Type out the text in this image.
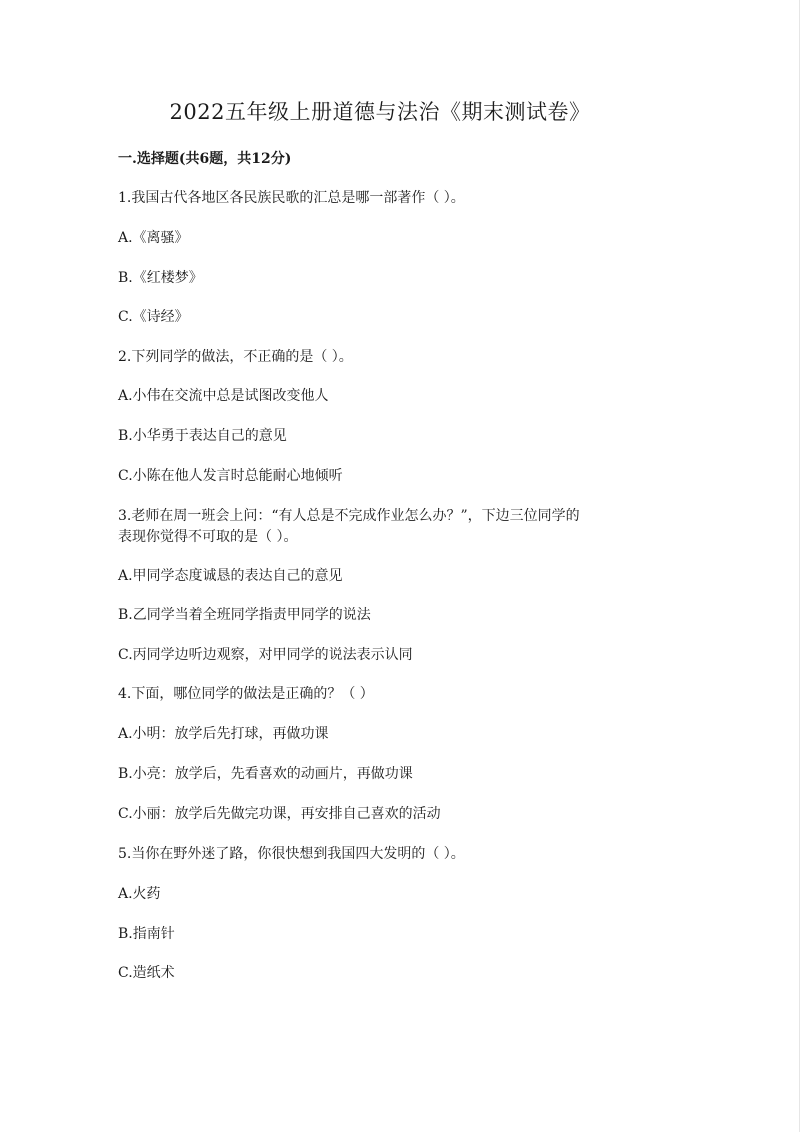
2022五年级上册道德与法治《期末测试卷》
一.选择题(共6题，共12分)

1.我国古代各地区各民族民歌的汇总是哪一部著作（ ）。

A.《离骚》

B.《红楼梦》

C.《诗经》

2.下列同学的做法，不正确的是（ ）。

A.小伟在交流中总是试图改变他人

B.小华勇于表达自己的意见

C.小陈在他人发言时总能耐心地倾听

3.老师在周一班会上问：“有人总是不完成作业怎么办？”，下边三位同学的

表现你觉得不可取的是（ ）。

A.甲同学态度诚恳的表达自己的意见

B.乙同学当着全班同学指责甲同学的说法

C.丙同学边听边观察，对甲同学的说法表示认同

4.下面，哪位同学的做法是正确的？（ ）

A.小明：放学后先打球，再做功课

B.小亮：放学后，先看喜欢的动画片，再做功课

C.小丽：放学后先做完功课，再安排自己喜欢的活动

5.当你在野外迷了路，你很快想到我国四大发明的（ ）。

A.火药

B.指南针

C.造纸术
